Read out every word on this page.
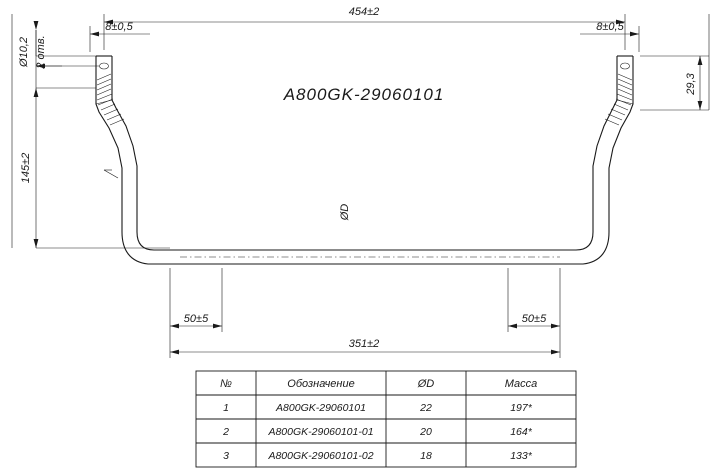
454±2
8±0,5	8±0,5
Ø10,2 2 отв.
145±2
29,3
ØD
50±5	50±5
351±2
A800GK-29060101
№	Обозначение	ØD	Масса
1	A800GK-29060101	22	197*
2	A800GK-29060101-01	20	164*
3	A800GK-29060101-02	18	133*
